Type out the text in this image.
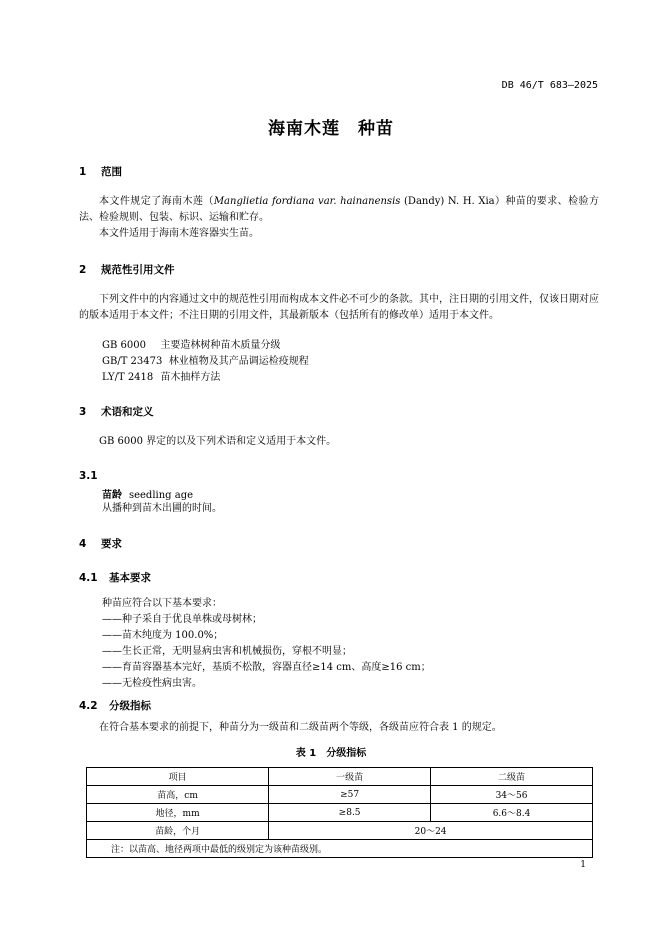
DB 46/T 683—2025
海南木莲　种苗
1 范围
本文件规定了海南木莲（Manglietia fordiana var. hainanensis (Dandy) N. H. Xia）种苗的要求、检验方法、检验规则、包装、标识、运输和贮存。
本文件适用于海南木莲容器实生苗。
2 规范性引用文件
下列文件中的内容通过文中的规范性引用而构成本文件必不可少的条款。其中，注日期的引用文件，仅该日期对应的版本适用于本文件；不注日期的引用文件，其最新版本（包括所有的修改单）适用于本文件。
GB 6000 主要造林树种苗木质量分级
GB/T 23473 林业植物及其产品调运检疫规程
LY/T 2418 苗木抽样方法
3 术语和定义
GB 6000 界定的以及下列术语和定义适用于本文件。
3.1
苗龄 seedling age
从播种到苗木出圃的时间。
4 要求
4.1 基本要求
种苗应符合以下基本要求：
——种子采自于优良单株或母树林；
——苗木纯度为 100.0%；
——生长正常，无明显病虫害和机械损伤，穿根不明显；
——育苗容器基本完好，基质不松散，容器直径≥14 cm、高度≥16 cm；
——无检疫性病虫害。
4.2 分级指标
在符合基本要求的前提下，种苗分为一级苗和二级苗两个等级，各级苗应符合表 1 的规定。
表 1　分级指标
项目	一级苗	二级苗
苗高，cm	≥57	34～56
地径，mm	≥8.5	6.6～8.4
苗龄，个月	20～24	
注：以苗高、地径两项中最低的级别定为该种苗级别。		
1
